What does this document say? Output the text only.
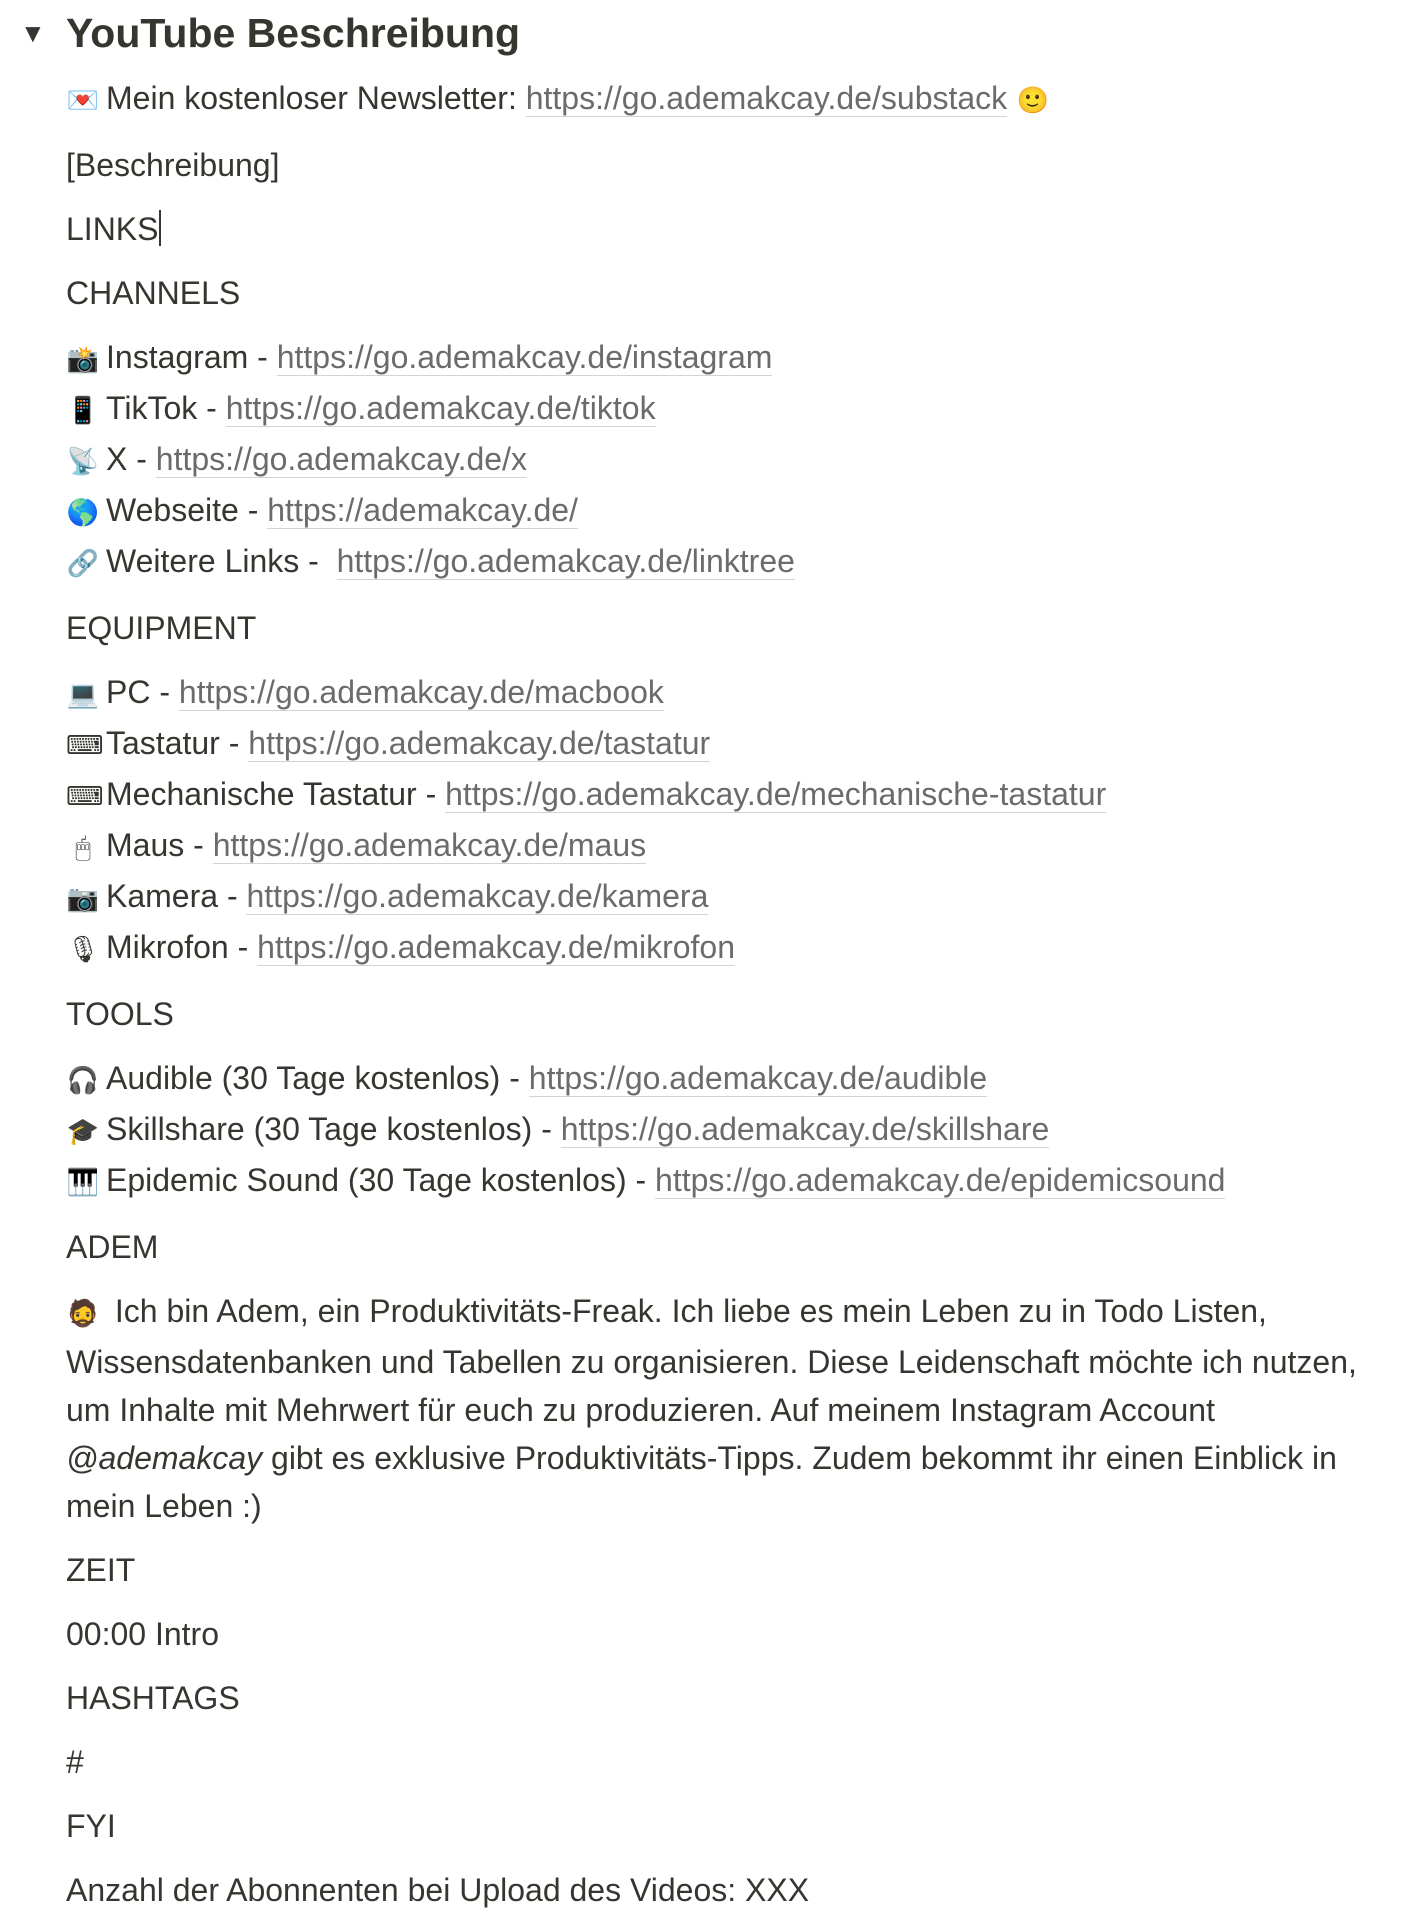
▼ YouTube Beschreibung
💌 Mein kostenloser Newsletter: https://go.ademakcay.de/substack 🙂
[Beschreibung]
LINKS
CHANNELS
📸 Instagram - https://go.ademakcay.de/instagram
📱 TikTok - https://go.ademakcay.de/tiktok
📡 X - https://go.ademakcay.de/x
🌎 Webseite - https://ademakcay.de/
🔗 Weitere Links -  https://go.ademakcay.de/linktree
EQUIPMENT
💻 PC - https://go.ademakcay.de/macbook
⌨Tastatur - https://go.ademakcay.de/tastatur
⌨Mechanische Tastatur - https://go.ademakcay.de/mechanische-tastatur
🖱 Maus - https://go.ademakcay.de/maus
📷 Kamera - https://go.ademakcay.de/kamera
🎙 Mikrofon - https://go.ademakcay.de/mikrofon
TOOLS
🎧 Audible (30 Tage kostenlos) - https://go.ademakcay.de/audible
🎓 Skillshare (30 Tage kostenlos) - https://go.ademakcay.de/skillshare
🎹 Epidemic Sound (30 Tage kostenlos) - https://go.ademakcay.de/epidemicsound
ADEM
🧔 Ich bin Adem, ein Produktivitäts-Freak. Ich liebe es mein Leben zu in Todo Listen, Wissensdatenbanken und Tabellen zu organisieren. Diese Leidenschaft möchte ich nutzen, um Inhalte mit Mehrwert für euch zu produzieren. Auf meinem Instagram Account @ademakcay gibt es exklusive Produktivitäts-Tipps. Zudem bekommt ihr einen Einblick in mein Leben :)
ZEIT
00:00 Intro
HASHTAGS
#
FYI
Anzahl der Abonnenten bei Upload des Videos: XXX
